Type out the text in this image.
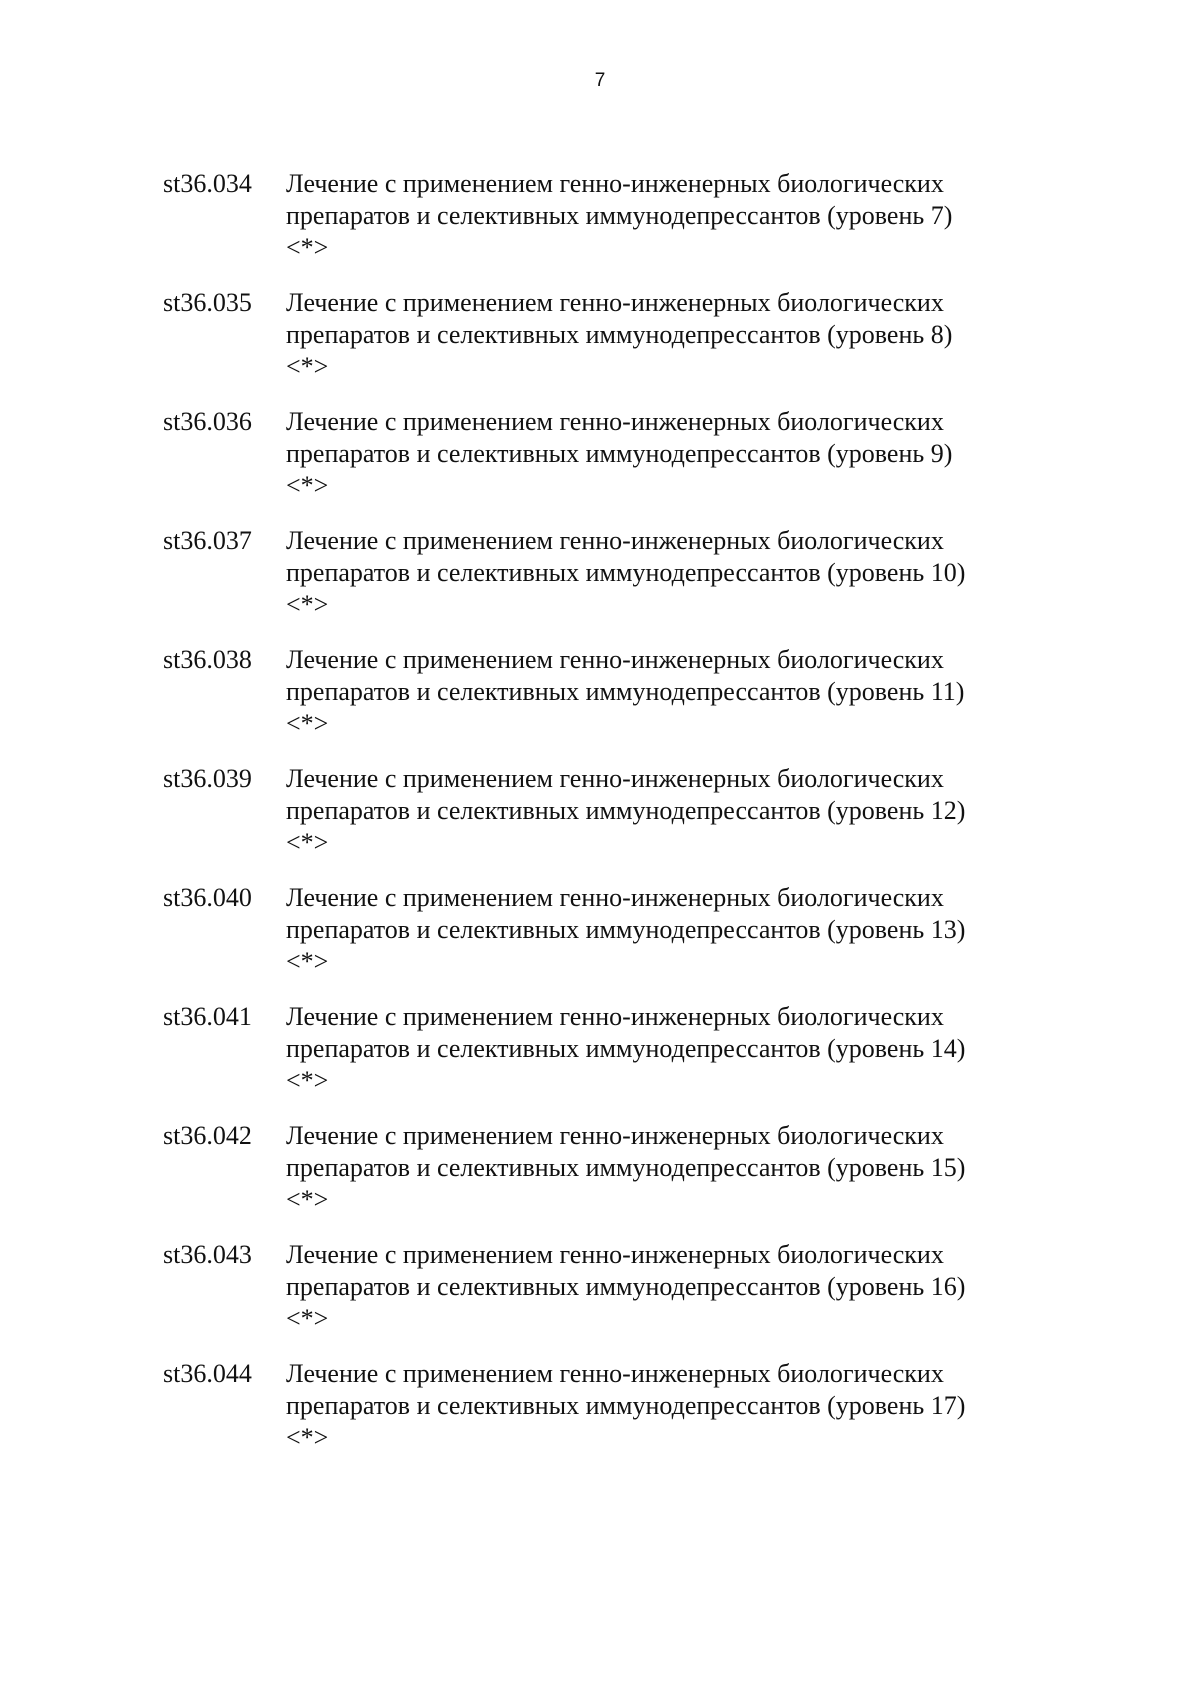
7
st36.034	Лечение с применением генно-инженерных биологических
препаратов и селективных иммунодепрессантов (уровень 7)
<*>
st36.035	Лечение с применением генно-инженерных биологических
препаратов и селективных иммунодепрессантов (уровень 8)
<*>
st36.036	Лечение с применением генно-инженерных биологических
препаратов и селективных иммунодепрессантов (уровень 9)
<*>
st36.037	Лечение с применением генно-инженерных биологических
препаратов и селективных иммунодепрессантов (уровень 10)
<*>
st36.038	Лечение с применением генно-инженерных биологических
препаратов и селективных иммунодепрессантов (уровень 11)
<*>
st36.039	Лечение с применением генно-инженерных биологических
препаратов и селективных иммунодепрессантов (уровень 12)
<*>
st36.040	Лечение с применением генно-инженерных биологических
препаратов и селективных иммунодепрессантов (уровень 13)
<*>
st36.041	Лечение с применением генно-инженерных биологических
препаратов и селективных иммунодепрессантов (уровень 14)
<*>
st36.042	Лечение с применением генно-инженерных биологических
препаратов и селективных иммунодепрессантов (уровень 15)
<*>
st36.043	Лечение с применением генно-инженерных биологических
препаратов и селективных иммунодепрессантов (уровень 16)
<*>
st36.044	Лечение с применением генно-инженерных биологических
препаратов и селективных иммунодепрессантов (уровень 17)
<*>
